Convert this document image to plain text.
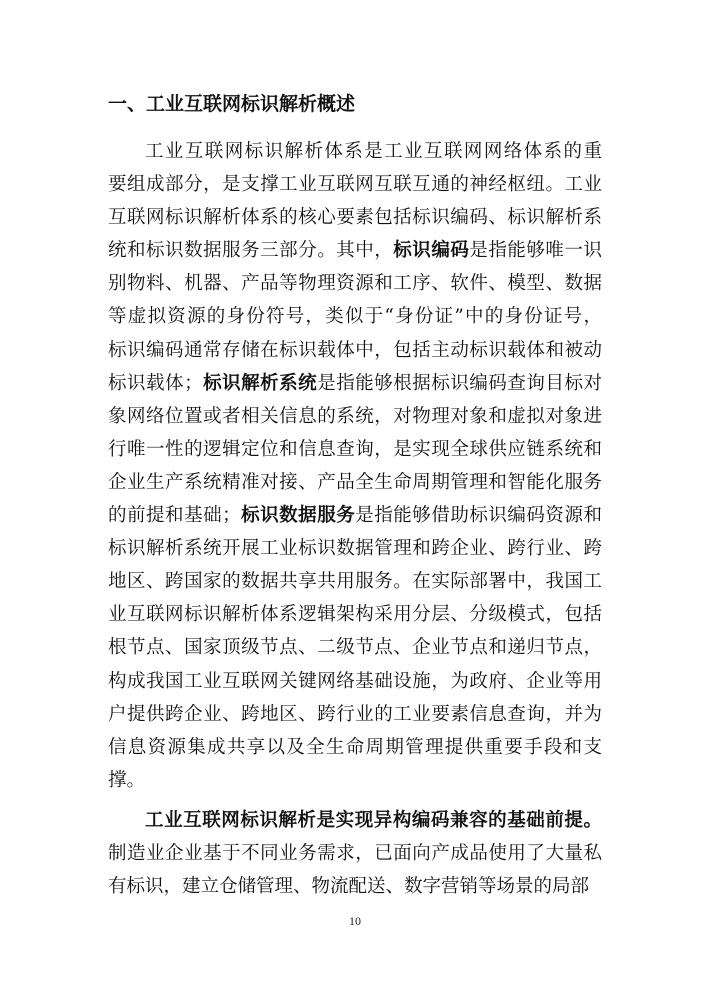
一、工业互联网标识解析概述
工业互联网标识解析体系是工业互联网网络体系的重
要组成部分，是支撑工业互联网互联互通的神经枢纽。工业
互联网标识解析体系的核心要素包括标识编码、标识解析系
统和标识数据服务三部分。其中，标识编码是指能够唯一识
别物料、机器、产品等物理资源和工序、软件、模型、数据
等虚拟资源的身份符号，类似于“身份证”中的身份证号，
标识编码通常存储在标识载体中，包括主动标识载体和被动
标识载体；标识解析系统是指能够根据标识编码查询目标对
象网络位置或者相关信息的系统，对物理对象和虚拟对象进
行唯一性的逻辑定位和信息查询，是实现全球供应链系统和
企业生产系统精准对接、产品全生命周期管理和智能化服务
的前提和基础；标识数据服务是指能够借助标识编码资源和
标识解析系统开展工业标识数据管理和跨企业、跨行业、跨
地区、跨国家的数据共享共用服务。在实际部署中，我国工
业互联网标识解析体系逻辑架构采用分层、分级模式，包括
根节点、国家顶级节点、二级节点、企业节点和递归节点，
构成我国工业互联网关键网络基础设施，为政府、企业等用
户提供跨企业、跨地区、跨行业的工业要素信息查询，并为
信息资源集成共享以及全生命周期管理提供重要手段和支
撑。
工业互联网标识解析是实现异构编码兼容的基础前提。
制造业企业基于不同业务需求，已面向产成品使用了大量私
有标识，建立仓储管理、物流配送、数字营销等场景的局部
10
